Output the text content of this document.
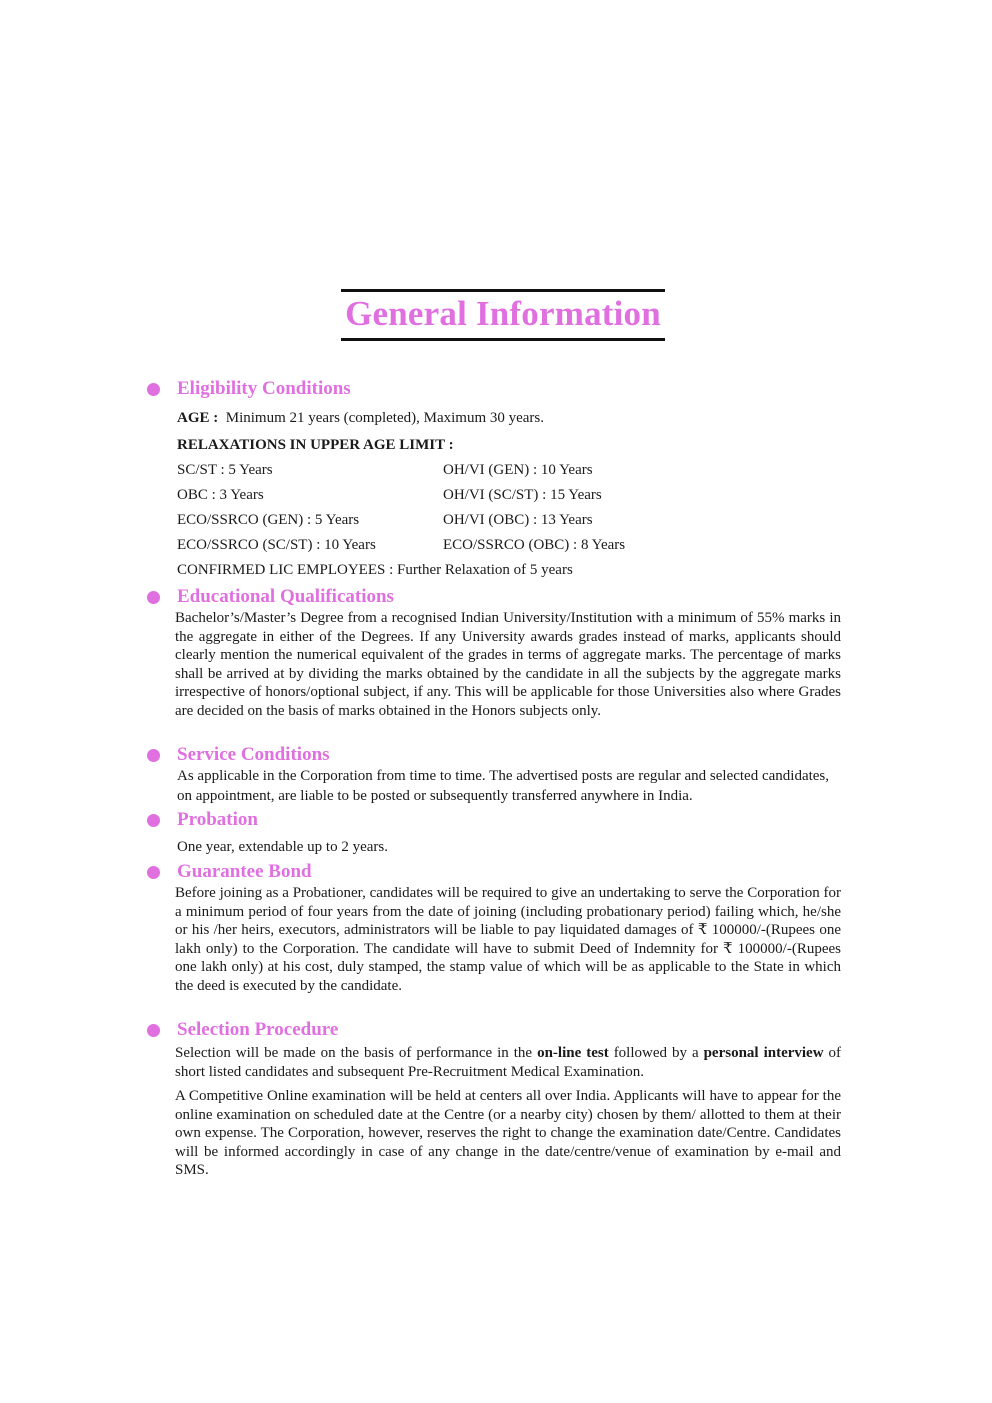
General Information
Eligibility Conditions
AGE : Minimum 21 years (completed), Maximum 30 years.
RELAXATIONS IN UPPER AGE LIMIT :
SC/ST : 5 Years
OBC : 3 Years
ECO/SSRCO (GEN) : 5 Years
ECO/SSRCO (SC/ST) : 10 Years
OH/VI (GEN) : 10 Years
OH/VI (SC/ST) : 15 Years
OH/VI (OBC) : 13 Years
ECO/SSRCO (OBC) : 8 Years
CONFIRMED LIC EMPLOYEES : Further Relaxation of 5 years
Educational Qualifications
Bachelor’s/Master’s Degree from a recognised Indian University/Institution with a minimum of 55% marks in the aggregate in either of the Degrees. If any University awards grades instead of marks, applicants should clearly mention the numerical equivalent of the grades in terms of aggregate marks. The percentage of marks shall be arrived at by dividing the marks obtained by the candidate in all the subjects by the aggregate marks irrespective of honors/optional subject, if any. This will be applicable for those Universities also where Grades are decided on the basis of marks obtained in the Honors subjects only.
Service Conditions
As applicable in the Corporation from time to time. The advertised posts are regular and selected candidates, on appointment, are liable to be posted or subsequently transferred anywhere in India.
Probation
One year, extendable up to 2 years.
Guarantee Bond
Before joining as a Probationer, candidates will be required to give an undertaking to serve the Corporation for a minimum period of four years from the date of joining (including probationary period) failing which, he/she or his /her heirs, executors, administrators will be liable to pay liquidated damages of ₹ 100000/-(Rupees one lakh only) to the Corporation. The candidate will have to submit Deed of Indemnity for ₹ 100000/-(Rupees one lakh only) at his cost, duly stamped, the stamp value of which will be as applicable to the State in which the deed is executed by the candidate.
Selection Procedure

Selection will be made on the basis of performance in the on-line test followed by a personal interview of short listed candidates and subsequent Pre-Recruitment Medical Examination.

A Competitive Online examination will be held at centers all over India. Applicants will have to appear for the online examination on scheduled date at the Centre (or a nearby city) chosen by them/ allotted to them at their own expense. The Corporation, however, reserves the right to change the examination date/Centre. Candidates will be informed accordingly in case of any change in the date/centre/venue of examination by e-mail and SMS.
